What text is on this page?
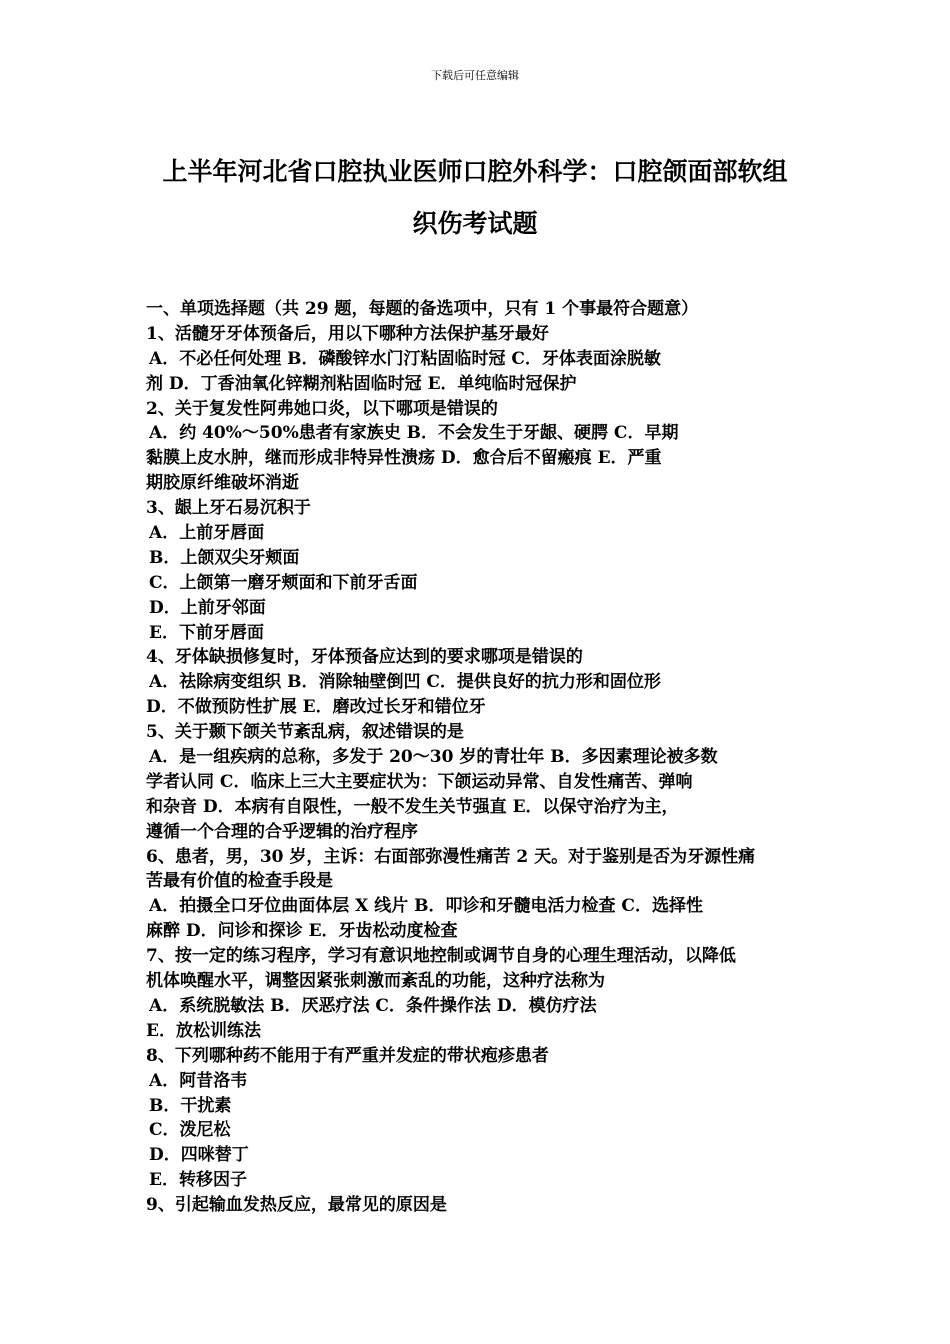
下载后可任意编辑
上半年河北省口腔执业医师口腔外科学：口腔颌面部软组
织伤考试题
一、单项选择题（共 29 题，每题的备选项中，只有 1 个事最符合题意）
1、活髓牙牙体预备后，用以下哪种方法保护基牙最好
A．不必任何处理 B．磷酸锌水门汀粘固临时冠 C．牙体表面涂脱敏
剂 D．丁香油氧化锌糊剂粘固临时冠 E．单纯临时冠保护
2、关于复发性阿弗她口炎，以下哪项是错误的
A．约 40%～50%患者有家族史 B．不会发生于牙龈、硬腭 C．早期
黏膜上皮水肿，继而形成非特异性溃疡 D．愈合后不留瘢痕 E．严重
期胶原纤维破坏消逝
3、龈上牙石易沉积于
A．上前牙唇面
B．上颌双尖牙颊面
C．上颌第一磨牙颊面和下前牙舌面
D．上前牙邻面
E．下前牙唇面
4、牙体缺损修复时，牙体预备应达到的要求哪项是错误的
A．祛除病变组织 B．消除轴壁倒凹 C．提供良好的抗力形和固位形
D．不做预防性扩展 E．磨改过长牙和错位牙
5、关于颞下颌关节紊乱病，叙述错误的是
A．是一组疾病的总称，多发于 20～30 岁的青壮年 B．多因素理论被多数
学者认同 C．临床上三大主要症状为：下颌运动异常、自发性痛苦、弹响
和杂音 D．本病有自限性，一般不发生关节强直 E．以保守治疗为主，
遵循一个合理的合乎逻辑的治疗程序
6、患者，男，30 岁，主诉：右面部弥漫性痛苦 2 天。对于鉴别是否为牙源性痛
苦最有价值的检查手段是
A．拍摄全口牙位曲面体层 X 线片 B．叩诊和牙髓电活力检查 C．选择性
麻醉 D．问诊和探诊 E．牙齿松动度检查
7、按一定的练习程序，学习有意识地控制或调节自身的心理生理活动，以降低
机体唤醒水平，调整因紧张刺激而紊乱的功能，这种疗法称为
A．系统脱敏法 B．厌恶疗法 C．条件操作法 D．模仿疗法
E．放松训练法
8、下列哪种药不能用于有严重并发症的带状疱疹患者
A．阿昔洛韦
B．干扰素
C．泼尼松
D．四咪替丁
E．转移因子
9、引起输血发热反应，最常见的原因是
